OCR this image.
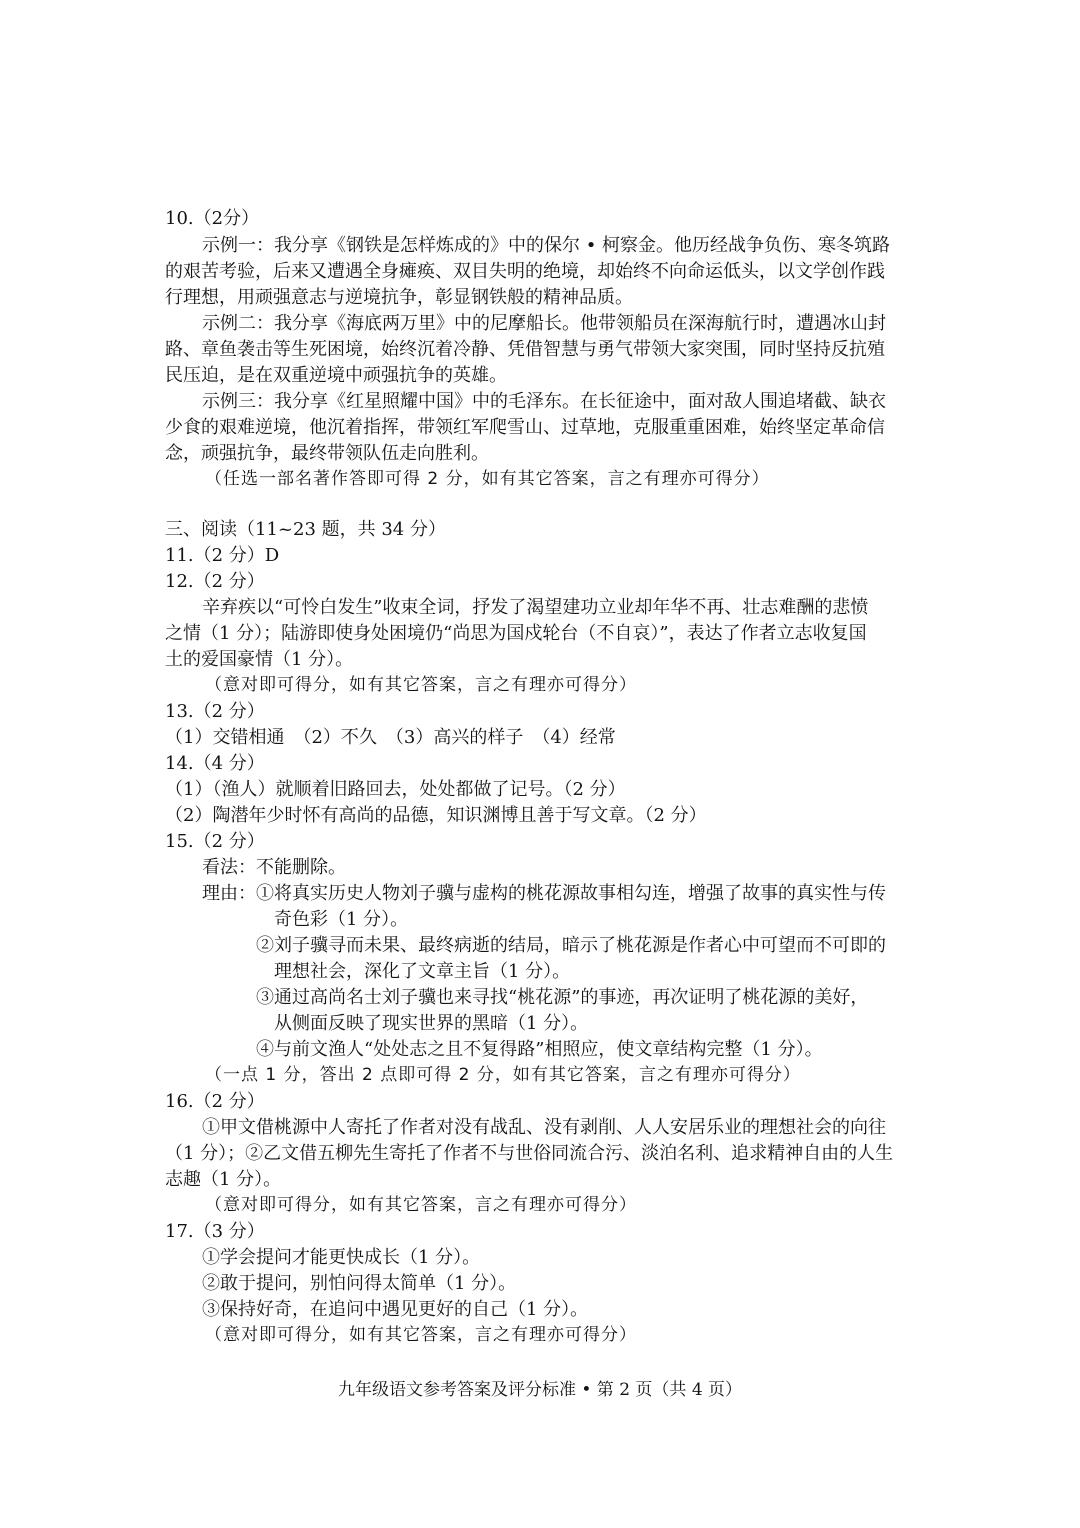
10.（2分）
示例一：我分享《钢铁是怎样炼成的》中的保尔 • 柯察金。他历经战争负伤、寒冬筑路
的艰苦考验，后来又遭遇全身瘫痪、双目失明的绝境，却始终不向命运低头，以文学创作践
行理想，用顽强意志与逆境抗争，彰显钢铁般的精神品质。
示例二：我分享《海底两万里》中的尼摩船长。他带领船员在深海航行时，遭遇冰山封
路、章鱼袭击等生死困境，始终沉着冷静、凭借智慧与勇气带领大家突围，同时坚持反抗殖
民压迫，是在双重逆境中顽强抗争的英雄。
示例三：我分享《红星照耀中国》中的毛泽东。在长征途中，面对敌人围追堵截、缺衣
少食的艰难逆境，他沉着指挥，带领红军爬雪山、过草地，克服重重困难，始终坚定革命信
念，顽强抗争，最终带领队伍走向胜利。
（任选一部名著作答即可得 2 分，如有其它答案，言之有理亦可得分）
三、阅读（11~23 题，共 34 分）
11.（2 分）D
12.（2 分）
辛弃疾以“可怜白发生”收束全词，抒发了渴望建功立业却年华不再、壮志难酬的悲愤
之情（1 分）；陆游即使身处困境仍“尚思为国戍轮台（不自哀）”，表达了作者立志收复国
土的爱国豪情（1 分）。
（意对即可得分，如有其它答案，言之有理亦可得分）
13.（2 分）
（1）交错相通　（2）不久　（3）高兴的样子　（4）经常
14.（4 分）
（1）（渔人）就顺着旧路回去，处处都做了记号。（2 分）
（2）陶潜年少时怀有高尚的品德，知识渊博且善于写文章。（2 分）
15.（2 分）
看法：不能删除。
理由： ①将真实历史人物刘子骥与虚构的桃花源故事相勾连，增强了故事的真实性与传
奇色彩（1 分）。
②刘子骥寻而未果、最终病逝的结局，暗示了桃花源是作者心中可望而不可即的
理想社会，深化了文章主旨（1 分）。
③通过高尚名士刘子骥也来寻找“桃花源”的事迹，再次证明了桃花源的美好，
从侧面反映了现实世界的黑暗（1 分）。
④与前文渔人“处处志之且不复得路”相照应，使文章结构完整（1 分）。
（一点 1 分，答出 2 点即可得 2 分，如有其它答案，言之有理亦可得分）
16.（2 分）
①甲文借桃源中人寄托了作者对没有战乱、没有剥削、人人安居乐业的理想社会的向往
（1 分）；②乙文借五柳先生寄托了作者不与世俗同流合污、淡泊名利、追求精神自由的人生
志趣（1 分）。
（意对即可得分，如有其它答案，言之有理亦可得分）
17.（3 分）
①学会提问才能更快成长（1 分）。
②敢于提问，别怕问得太简单（1 分）。
③保持好奇，在追问中遇见更好的自己（1 分）。
（意对即可得分，如有其它答案，言之有理亦可得分）
九年级语文参考答案及评分标准 • 第 2 页（共 4 页）
